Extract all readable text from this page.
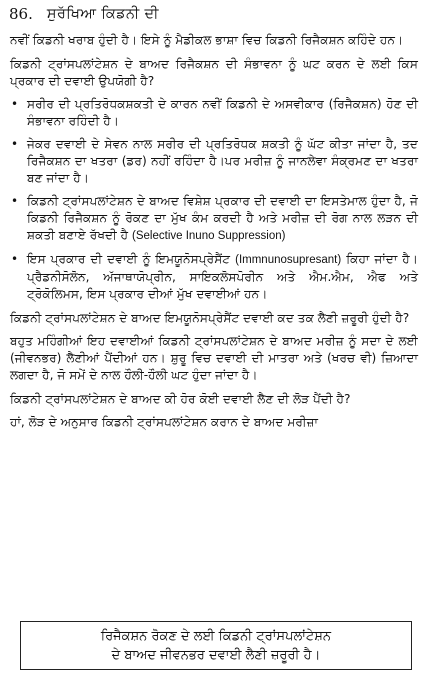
86. ਸੁਰੱਖਿਆ ਕਿਡਨੀ ਦੀ

ਨਵੀਂ ਕਿਡਨੀ ਖਰਾਬ ਹੁੰਦੀ ਹੈ। ਇਸੇ ਨੂੰ ਮੈਡੀਕਲ ਭਾਸ਼ਾ ਵਿਚ ਕਿਡਨੀ ਰਿਜੈਕਸ਼ਨ ਕਹਿੰਦੇ ਹਨ।

ਕਿਡਨੀ ਟ੍ਰਾਂਸਪਲਾਂਟੇਸ਼ਨ ਦੇ ਬਾਅਦ ਰਿਜੈਕਸ਼ਨ ਦੀ ਸੰਭਾਵਨਾ ਨੂੰ ਘਟ ਕਰਨ ਦੇ ਲਈ ਕਿਸ ਪ੍ਰਕਾਰ ਦੀ ਦਵਾਈ ਉਪਯੋਗੀ ਹੈ?

• ਸਰੀਰ ਦੀ ਪ੍ਰਤਿਰੋਧਕਸ਼ਕਤੀ ਦੇ ਕਾਰਨ ਨਵੀਂ ਕਿਡਨੀ ਦੇ ਅਸਵੀਕਾਰ (ਰਿਜੈਕਸ਼ਨ) ਹੋਣ ਦੀ ਸੰਭਾਵਨਾ ਰਹਿੰਦੀ ਹੈ।
• ਜੇਕਰ ਦਵਾਈ ਦੇ ਸੇਵਨ ਨਾਲ ਸਰੀਰ ਦੀ ਪ੍ਰਤਿਰੋਧਕ ਸ਼ਕਤੀ ਨੂੰ ਘੱਟ ਕੀਤਾ ਜਾਂਦਾ ਹੈ, ਤਦ ਰਿਜੈਕਸ਼ਨ ਦਾ ਖਤਰਾ (ਡਰ) ਨਹੀਂ ਰਹਿੰਦਾ ਹੈ।ਪਰ ਮਰੀਜ਼ ਨੂੰ ਜਾਨਲੇਵਾ ਸੰਕ੍ਰਮਣ ਦਾ ਖਤਰਾ ਬਣ ਜਾਂਦਾ ਹੈ।
• ਕਿਡਨੀ ਟ੍ਰਾਂਸਪਲਾਂਟੇਸ਼ਨ ਦੇ ਬਾਅਦ ਵਿਸ਼ੇਸ਼ ਪ੍ਰਕਾਰ ਦੀ ਦਵਾਈ ਦਾ ਇਸਤੇਮਾਲ ਹੁੰਦਾ ਹੈ, ਜੋ ਕਿਡਨੀ ਰਿਜੈਕਸ਼ਨ ਨੂੰ ਰੋਕਣ ਦਾ ਮੁੱਖ ਕੰਮ ਕਰਦੀ ਹੈ ਅਤੇ ਮਰੀਜ਼ ਦੀ ਰੋਗ ਨਾਲ ਲੜਨ ਦੀ ਸ਼ਕਤੀ ਬਣਾਏ ਰੱਖਦੀ ਹੈ (Selective Inuno Suppression)
• ਇਸ ਪ੍ਰਕਾਰ ਦੀ ਦਵਾਈ ਨੂੰ ਇਮਯੂਨੋਸਪ੍ਰੇਸੈਂਟ (Immnunosupresant) ਕਿਹਾ ਜਾਂਦਾ ਹੈ। ਪ੍ਰੈਡਨੀਸੋਲੋਨ, ਅੱਜਾਥਾਯੋਪ੍ਰੀਨ, ਸਾਇਕਲੋਸਪੋਰੀਨ ਅਤੇ ਐਮ.ਐਮ, ਐਫ ਅਤੇ ਟ੍ਰੋਕੋਲਿਮਸ, ਇਸ ਪ੍ਰਕਾਰ ਦੀਆਂ ਮੁੱਖ ਦਵਾਈਆਂ ਹਨ।

ਕਿਡਨੀ ਟ੍ਰਾਂਸਪਲਾਂਟੇਸ਼ਨ ਦੇ ਬਾਅਦ ਇਮਯੂਨੋਸਪ੍ਰੇਸੈਂਟ ਦਵਾਈ ਕਦ ਤਕ ਲੈਣੀ ਜ਼ਰੂਰੀ ਹੁੰਦੀ ਹੈ?

ਬਹੁਤ ਮਹਿੰਗੀਆਂ ਇਹ ਦਵਾਈਆਂ ਕਿਡਨੀ ਟ੍ਰਾਂਸਪਲਾਂਟੇਸ਼ਨ ਦੇ ਬਾਅਦ ਮਰੀਜ਼ ਨੂੰ ਸਦਾ ਦੇ ਲਈ (ਜੀਵਨਭਰ) ਲੈਣੀਆਂ ਪੈਂਦੀਆਂ ਹਨ। ਸ਼ੁਰੂ ਵਿਚ ਦਵਾਈ ਦੀ ਮਾਤਰਾ ਅਤੇ (ਖਰਚ ਵੀ) ਜ਼ਿਆਦਾ ਲਗਦਾ ਹੈ, ਜੋ ਸਮੇਂ ਦੇ ਨਾਲ ਹੌਲੀ-ਹੌਲੀ ਘਟ ਹੁੰਦਾ ਜਾਂਦਾ ਹੈ।

ਕਿਡਨੀ ਟ੍ਰਾਂਸਪਲਾਂਟੇਸ਼ਨ ਦੇ ਬਾਅਦ ਕੀ ਹੋਰ ਕੋਈ ਦਵਾਈ ਲੈਣ ਦੀ ਲੋੜ ਪੈਂਦੀ ਹੈ?

ਹਾਂ, ਲੋੜ ਦੇ ਅਨੁਸਾਰ ਕਿਡਨੀ ਟ੍ਰਾਂਸਪਲਾਂਟੇਸ਼ਨ ਕਰਾਨ ਦੇ ਬਾਅਦ ਮਰੀਜ਼ਾ

ਰਿਜੈਕਸ਼ਨ ਰੋਕਣ ਦੇ ਲਈ ਕਿਡਨੀ ਟ੍ਰਾਂਸਪਲਾਂਟੇਸ਼ਨ
ਦੇ ਬਾਅਦ ਜੀਵਨਭਰ ਦਵਾਈ ਲੈਣੀ ਜ਼ਰੂਰੀ ਹੈ।
